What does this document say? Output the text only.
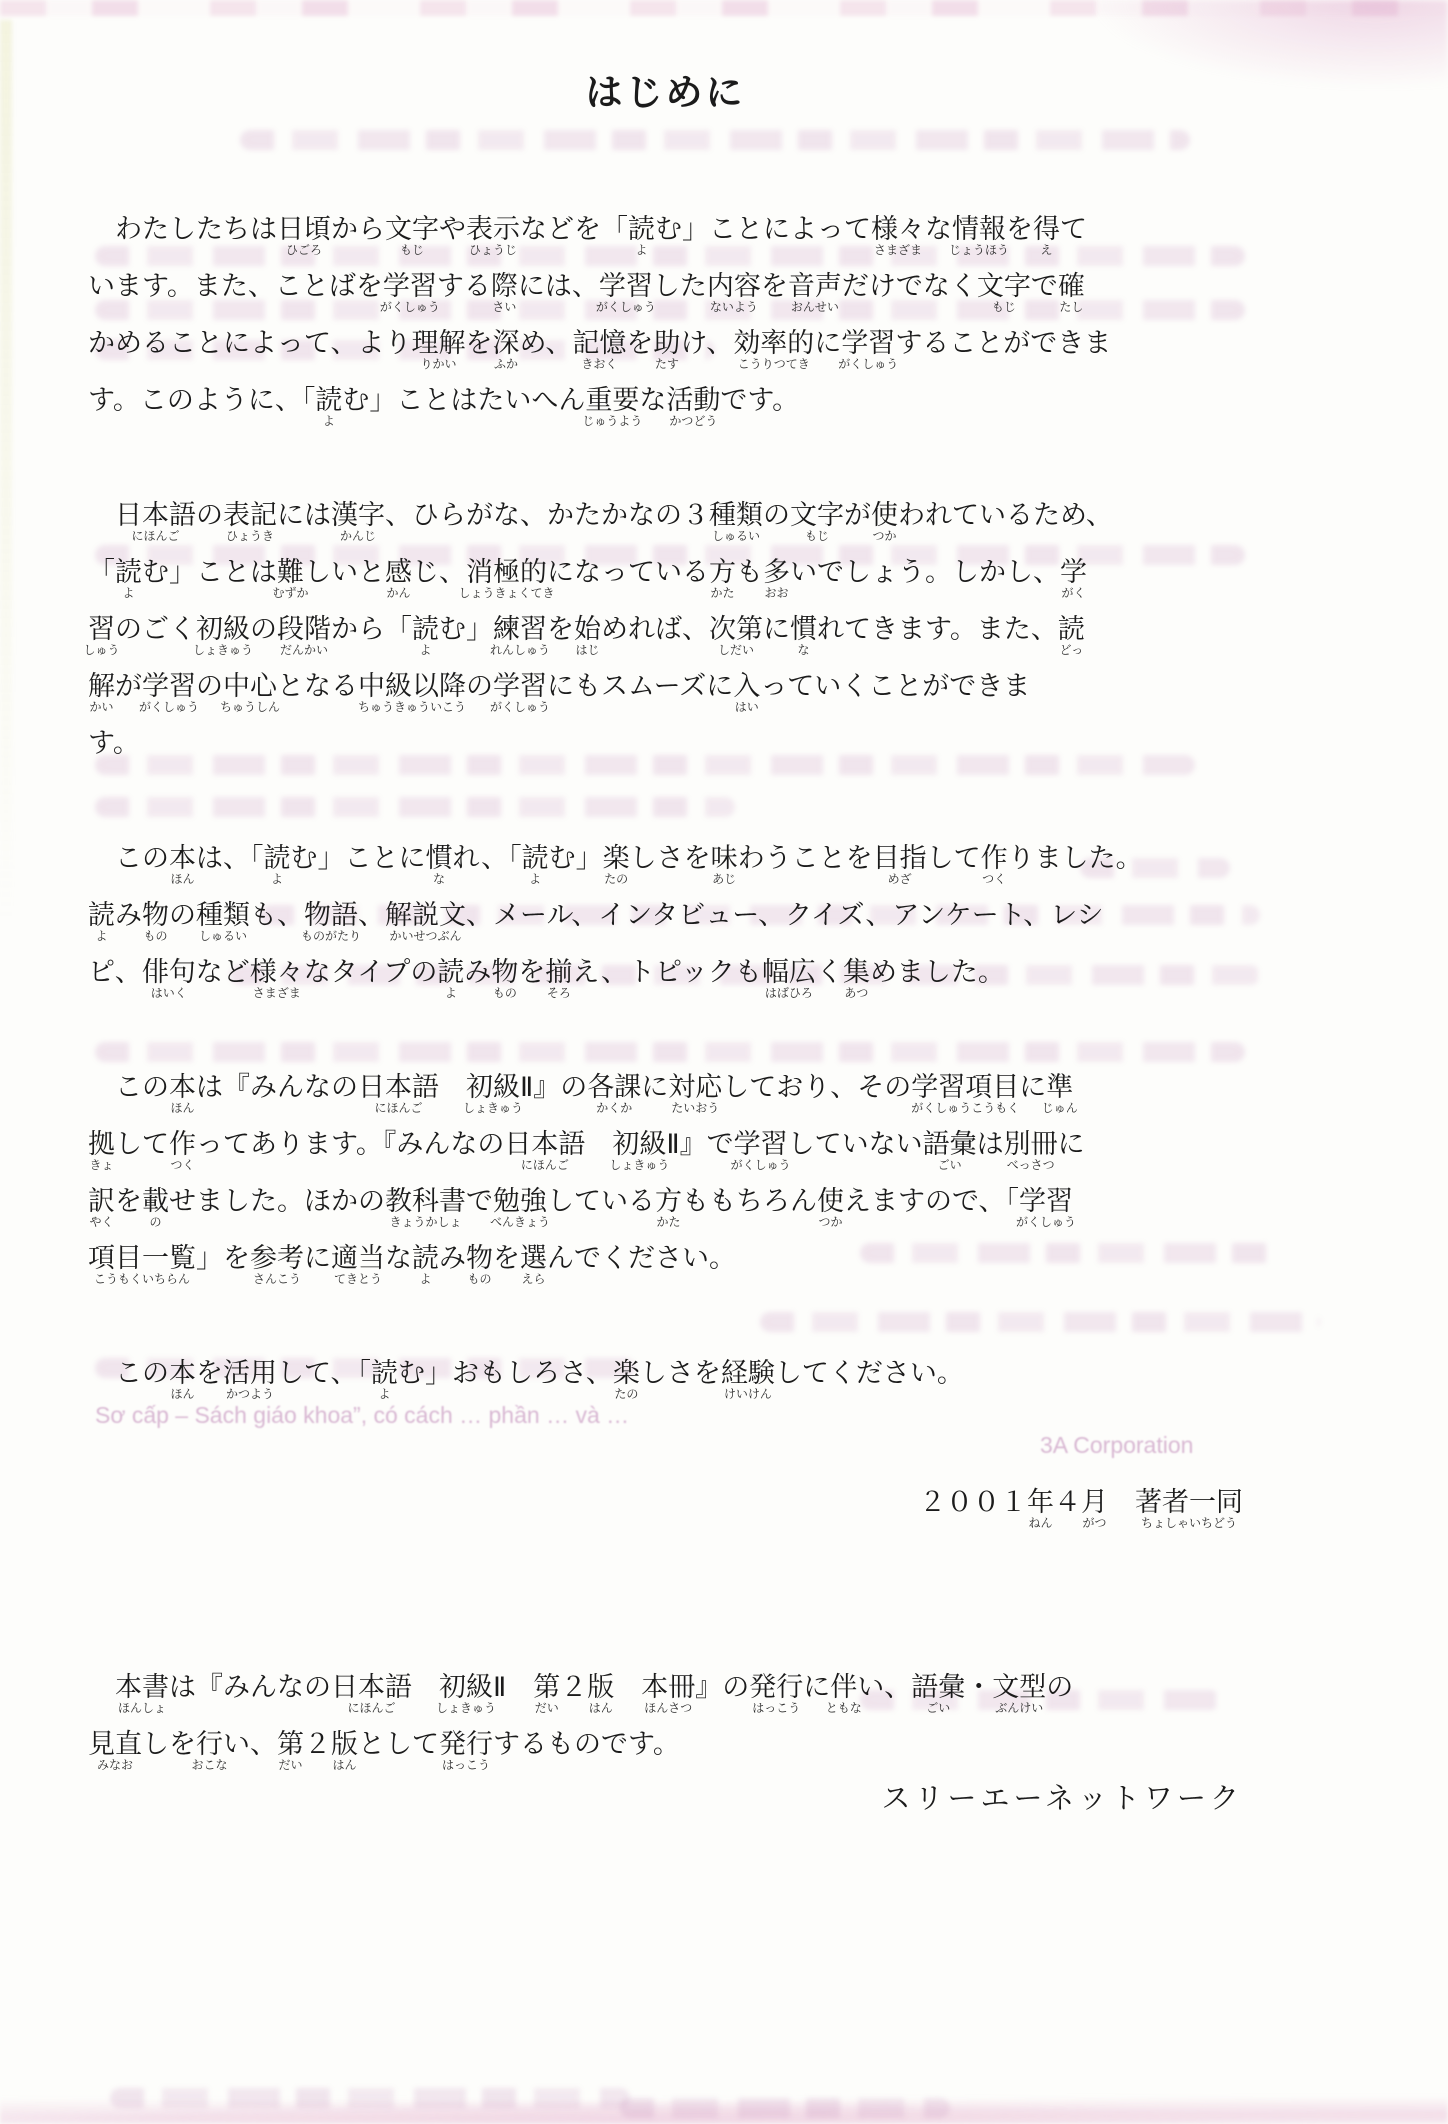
Sơ cấp – Sách giáo khoa”, có cách … phần … và …
3A Corporation
はじめに
　わたしたちは日頃
ひごろ
から文字
もじ
や表示
ひょうじ
などを「読
よ
む」ことによって様々
さまざま
な情報
じょうほう
を得
え
て
います。また、ことばを学習
がくしゅう
する際
さい
には、学習
がくしゅう
した内容
ないよう
を音声
おんせい
だけでなく文字
もじ
で確
たし
かめることによって、より理解
りかい
を深
ふか
め、記憶
きおく
を助
たす
け、効率的
こうりつてき
に学習
がくしゅう
することができま
す。このように、「読
よ
む」ことはたいへん重要
じゅうよう
な活動
かつどう
です。
　日本語
にほんご
の表記
ひょうき
には漢字
かんじ
、ひらがな、かたかなの３種類
しゅるい
の文字
もじ
が使
つか
われているため、
「読
よ
む」ことは難
むずか
しいと感
かん
じ、消極的
しょうきょくてき
になっている方
かた
も多
おお
いでしょう。しかし、学
がく
習
しゅう
のごく初級
しょきゅう
の段階
だんかい
から「読
よ
む」練習
れんしゅう
を始
はじ
めれば、次第
しだい
に慣
な
れてきます。また、読
どっ
解
かい
が学習
がくしゅう
の中心
ちゅうしん
となる中級以降
ちゅうきゅういこう
の学習
がくしゅう
にもスムーズに入
はい
っていくことができま
す。
　この本
ほん
は、「読
よ
む」ことに慣
な
れ、「読
よ
む」楽
たの
しさを味
あじ
わうことを目指
めざ
して作
つく
りました。
読
よ
み物
もの
の種類
しゅるい
も、物語
ものがたり
、解説文
かいせつぶん
、メール、インタビュー、クイズ、アンケート、レシ
ピ、俳句
はいく
など様々
さまざま
なタイプの読
よ
み物
もの
を揃
そろ
え、トピックも幅広
はばひろ
く集
あつ
めました。
　この本
ほん
は『みんなの日本語
にほんご
　初級
しょきゅう
Ⅱ』の各課
かくか
に対応
たいおう
しており、その学習項目
がくしゅうこうもく
に準
じゅん
拠
きょ
して作
つく
ってあります。『みんなの日本語
にほんご
　初級
しょきゅう
Ⅱ』で学習
がくしゅう
していない語彙
ごい
は別冊
べっさつ
に
訳
やく
を載
の
せました。ほかの教科書
きょうかしょ
で勉強
べんきょう
している方
かた
ももちろん使
つか
えますので、「学習
がくしゅう
項目一覧
こうもくいちらん
」を参考
さんこう
に適当
てきとう
な読
よ
み物
もの
を選
えら
んでください。
　この本
ほん
を活用
かつよう
して、「読
よ
む」おもしろさ、楽
たの
しさを経験
けいけん
してください。
２００１年
ねん
４月
がつ
　著者一同
ちょしゃいちどう
　本書
ほんしょ
は『みんなの日本語
にほんご
　初級
しょきゅう
Ⅱ　第
だい
２版
はん
　本冊
ほんさつ
』の発行
はっこう
に伴
ともな
い、語彙
ごい
・文型
ぶんけい
の
見直
みなお
しを行
おこな
い、第
だい
２版
はん
として発行
はっこう
するものです。
スリーエーネットワーク
